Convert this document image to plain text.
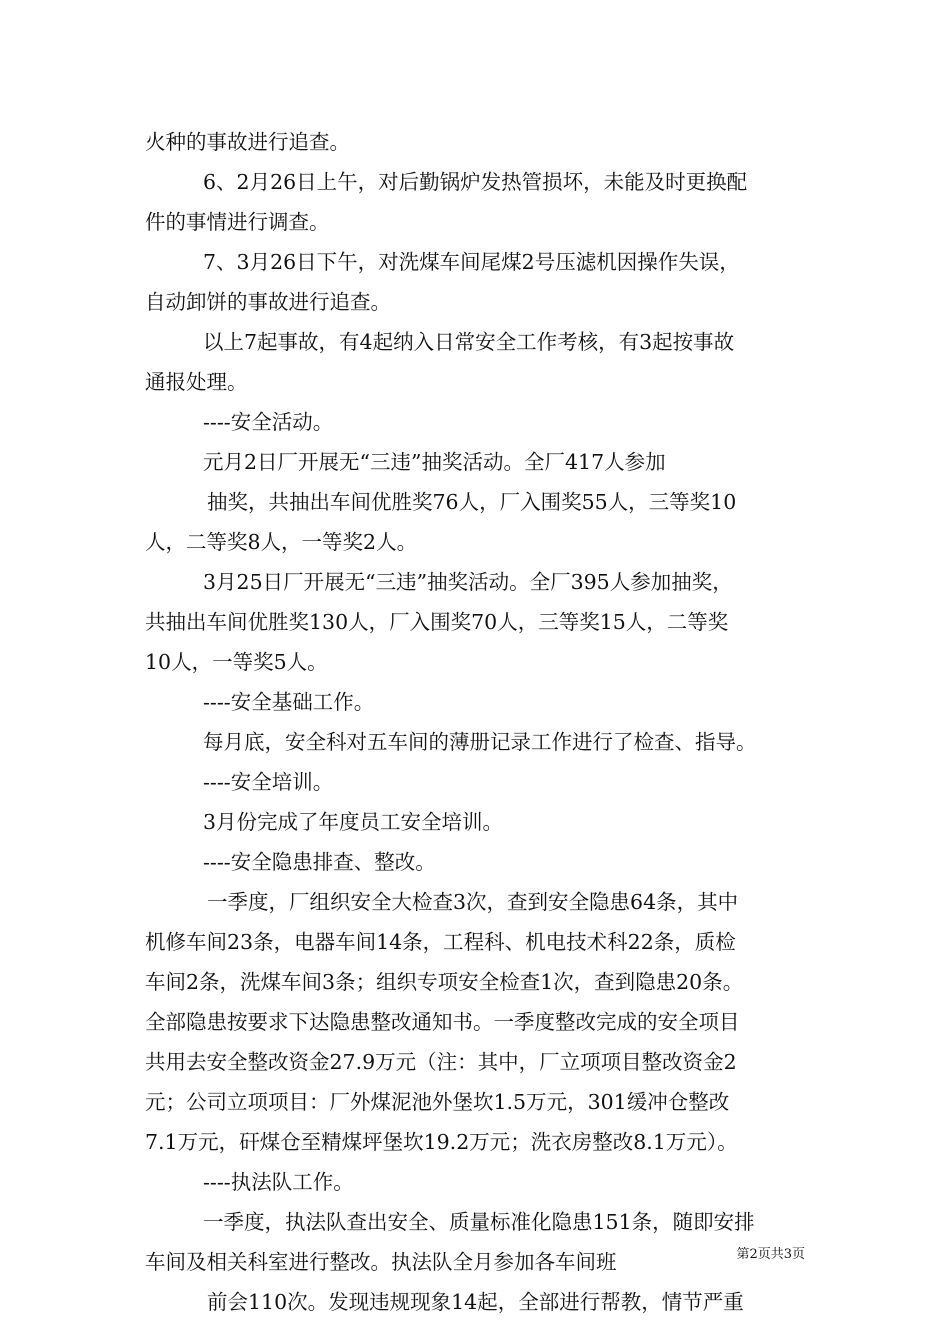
火种的事故进行追查。
6、2月26日上午，对后勤锅炉发热管损坏，未能及时更换配
件的事情进行调查。
7、3月26日下午，对洗煤车间尾煤2号压滤机因操作失误，
自动卸饼的事故进行追查。
以上7起事故，有4起纳入日常安全工作考核，有3起按事故
通报处理。
----安全活动。
元月2日厂开展无“三违”抽奖活动。全厂417人参加
抽奖，共抽出车间优胜奖76人，厂入围奖55人，三等奖10
人，二等奖8人，一等奖2人。
3月25日厂开展无“三违”抽奖活动。全厂395人参加抽奖，
共抽出车间优胜奖130人，厂入围奖70人，三等奖15人，二等奖
10人，一等奖5人。
----安全基础工作。
每月底，安全科对五车间的薄册记录工作进行了检查、指导。
----安全培训。
3月份完成了年度员工安全培训。
----安全隐患排查、整改。
一季度，厂组织安全大检查3次，查到安全隐患64条，其中
机修车间23条，电器车间14条，工程科、机电技术科22条，质检
车间2条，洗煤车间3条；组织专项安全检查1次，查到隐患20条。
全部隐患按要求下达隐患整改通知书。一季度整改完成的安全项目
共用去安全整改资金27.9万元（注：其中，厂立项项目整改资金2
元；公司立项项目：厂外煤泥池外堡坎1.5万元，301缓冲仓整改
7.1万元，矸煤仓至精煤坪堡坎19.2万元；洗衣房整改8.1万元）。
----执法队工作。
一季度，执法队查出安全、质量标准化隐患151条，随即安排
车间及相关科室进行整改。执法队全月参加各车间班
前会110次。发现违规现象14起，全部进行帮教，情节严重
第2页共3页
